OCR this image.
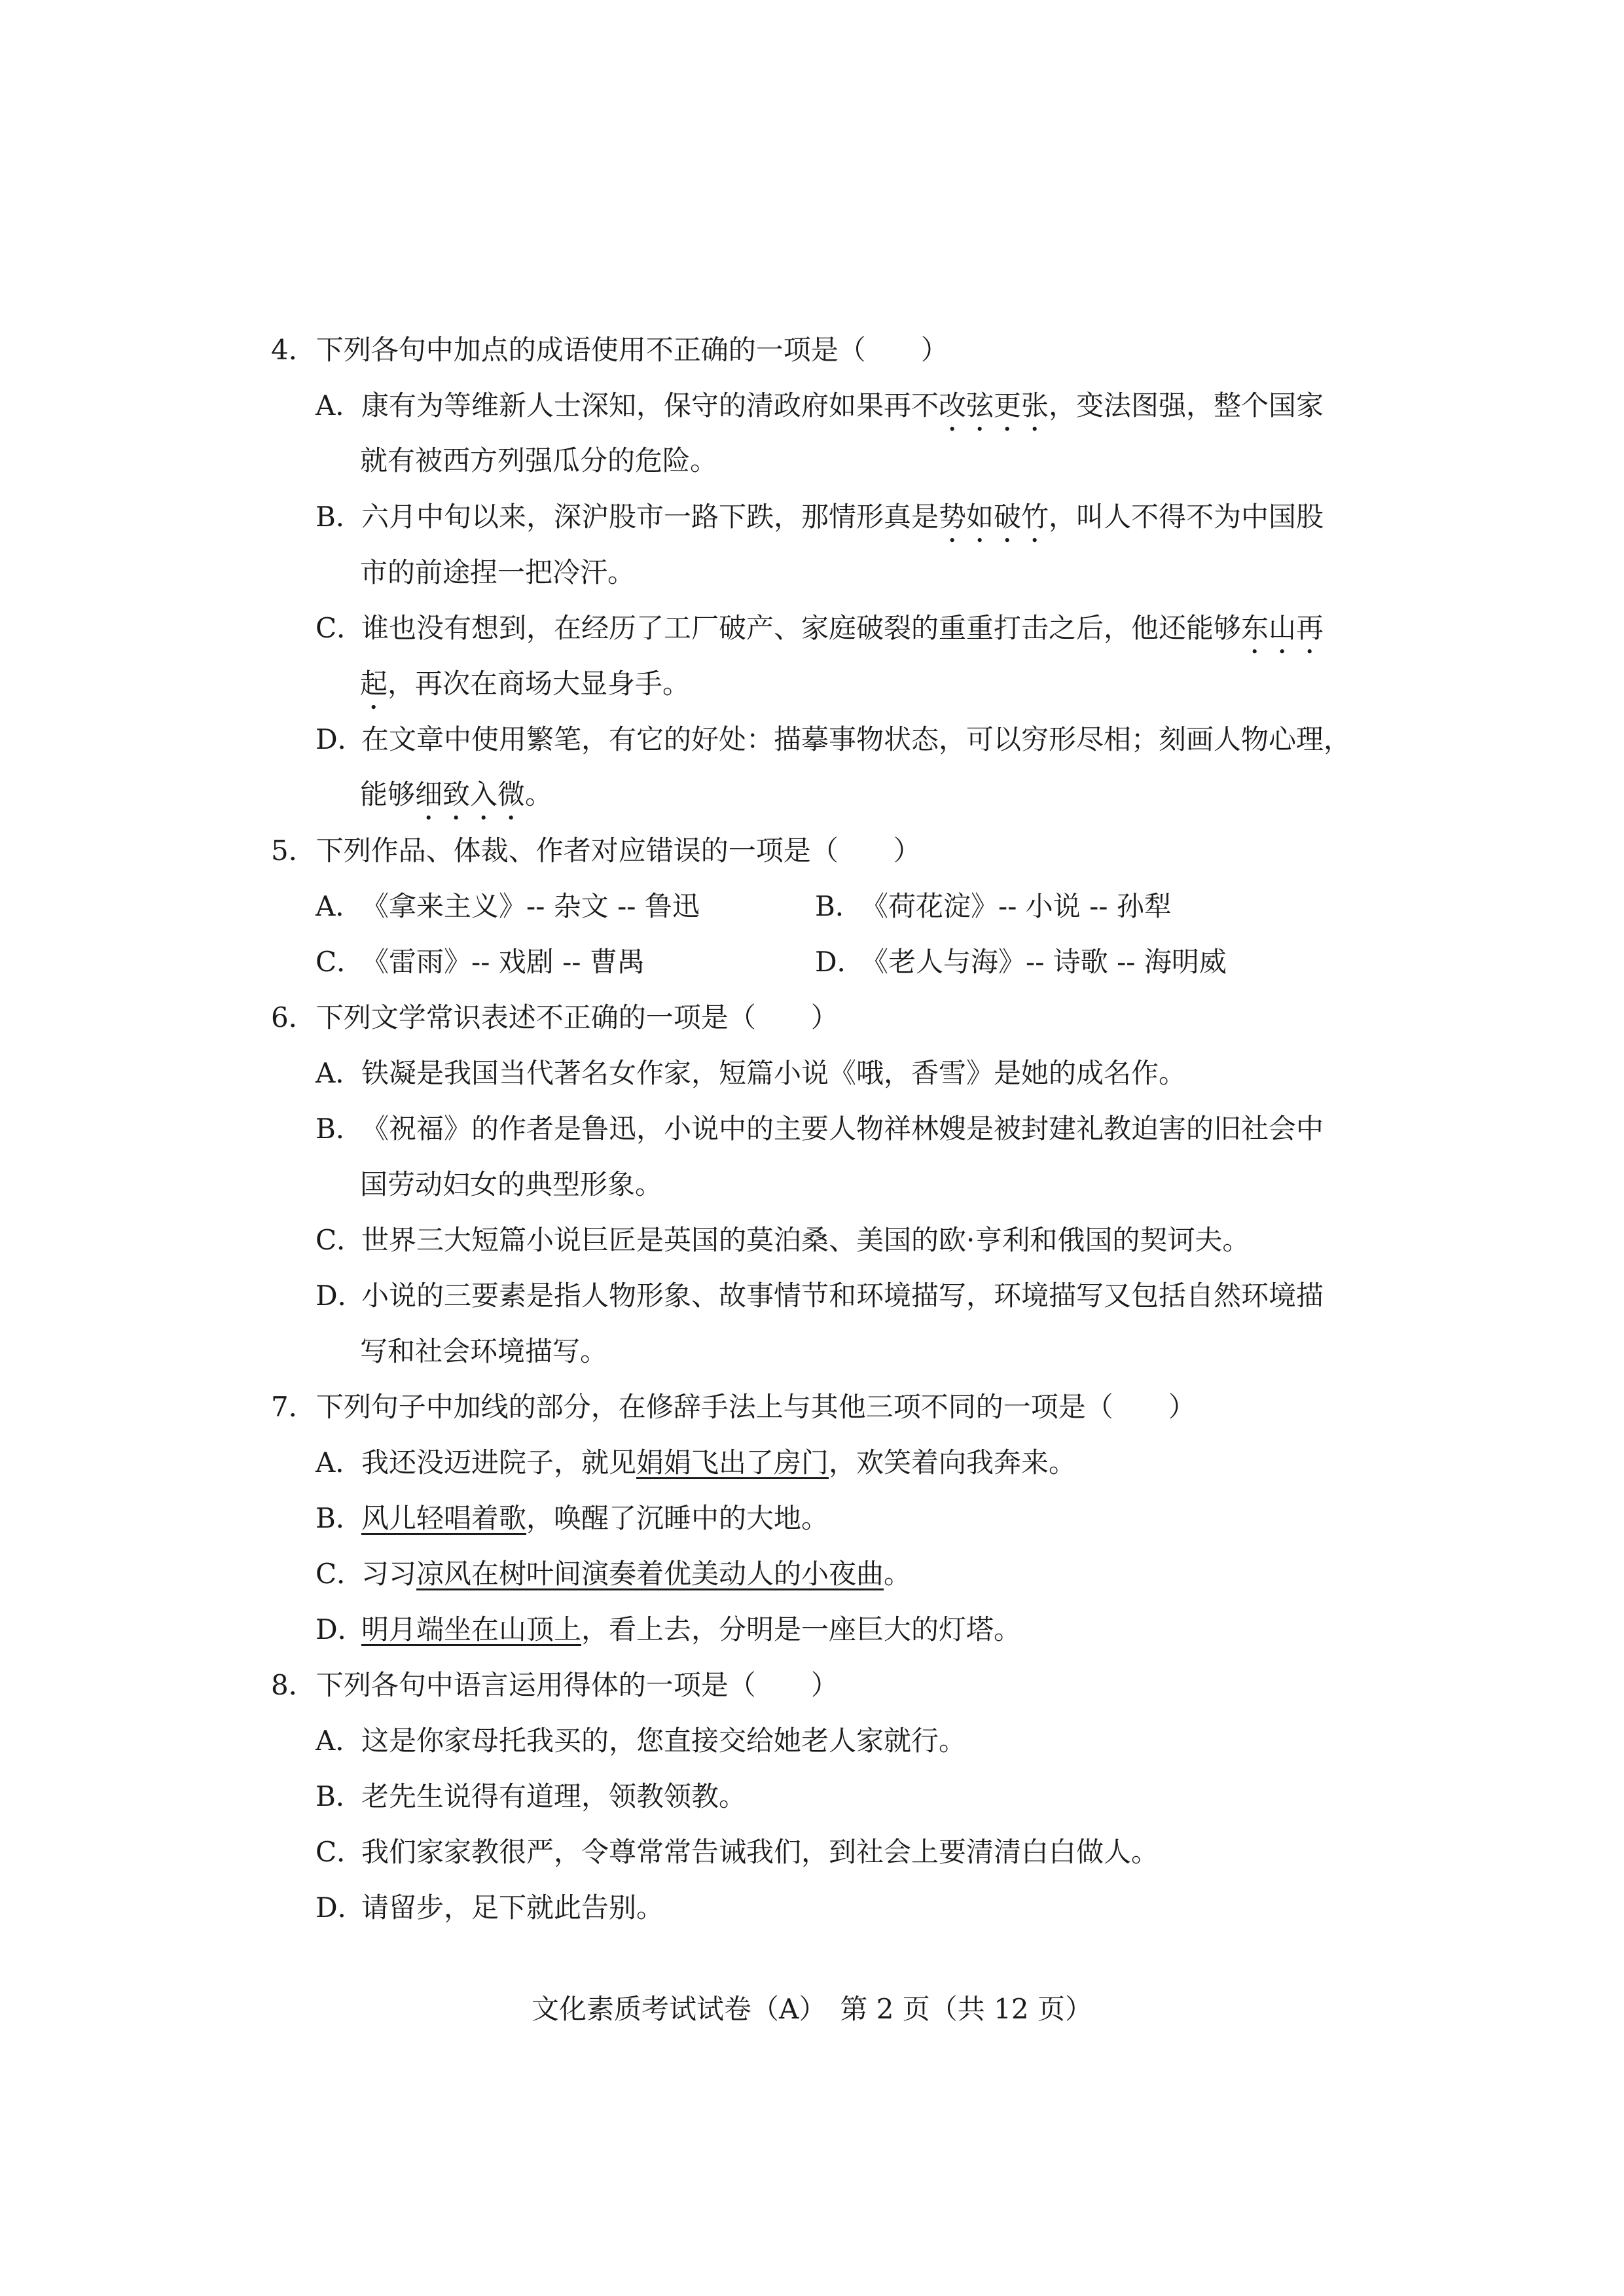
4．下列各句中加点的成语使用不正确的一项是（　　）
A．康有为等维新人士深知，保守的清政府如果再不改弦更张，变法图强，整个国家
就有被西方列强瓜分的危险。
B．六月中旬以来，深沪股市一路下跌，那情形真是势如破竹，叫人不得不为中国股
市的前途捏一把冷汗。
C．谁也没有想到，在经历了工厂破产、家庭破裂的重重打击之后，他还能够东山再
起，再次在商场大显身手。
D．在文章中使用繁笔，有它的好处：描摹事物状态，可以穷形尽相；刻画人物心理，
能够细致入微。
5．下列作品、体裁、作者对应错误的一项是（　　）
A．《拿来主义》-- 杂文 -- 鲁迅	B．《荷花淀》-- 小说 -- 孙犁
C．《雷雨》-- 戏剧 -- 曹禺	D．《老人与海》-- 诗歌 -- 海明威
6．下列文学常识表述不正确的一项是（　　）
A．铁凝是我国当代著名女作家，短篇小说《哦，香雪》是她的成名作。
B．《祝福》的作者是鲁迅，小说中的主要人物祥林嫂是被封建礼教迫害的旧社会中
国劳动妇女的典型形象。
C．世界三大短篇小说巨匠是英国的莫泊桑、美国的欧·亨利和俄国的契诃夫。
D．小说的三要素是指人物形象、故事情节和环境描写，环境描写又包括自然环境描
写和社会环境描写。
7．下列句子中加线的部分，在修辞手法上与其他三项不同的一项是（　　）
A．我还没迈进院子，就见娟娟飞出了房门，欢笑着向我奔来。
B．风儿轻唱着歌，唤醒了沉睡中的大地。
C．习习凉风在树叶间演奏着优美动人的小夜曲。
D．明月端坐在山顶上，看上去，分明是一座巨大的灯塔。
8．下列各句中语言运用得体的一项是（　　）
A．这是你家母托我买的，您直接交给她老人家就行。
B．老先生说得有道理，领教领教。
C．我们家家教很严，令尊常常告诫我们，到社会上要清清白白做人。
D．请留步，足下就此告别。
文化素质考试试卷（A）　第 2 页（共 12 页）
